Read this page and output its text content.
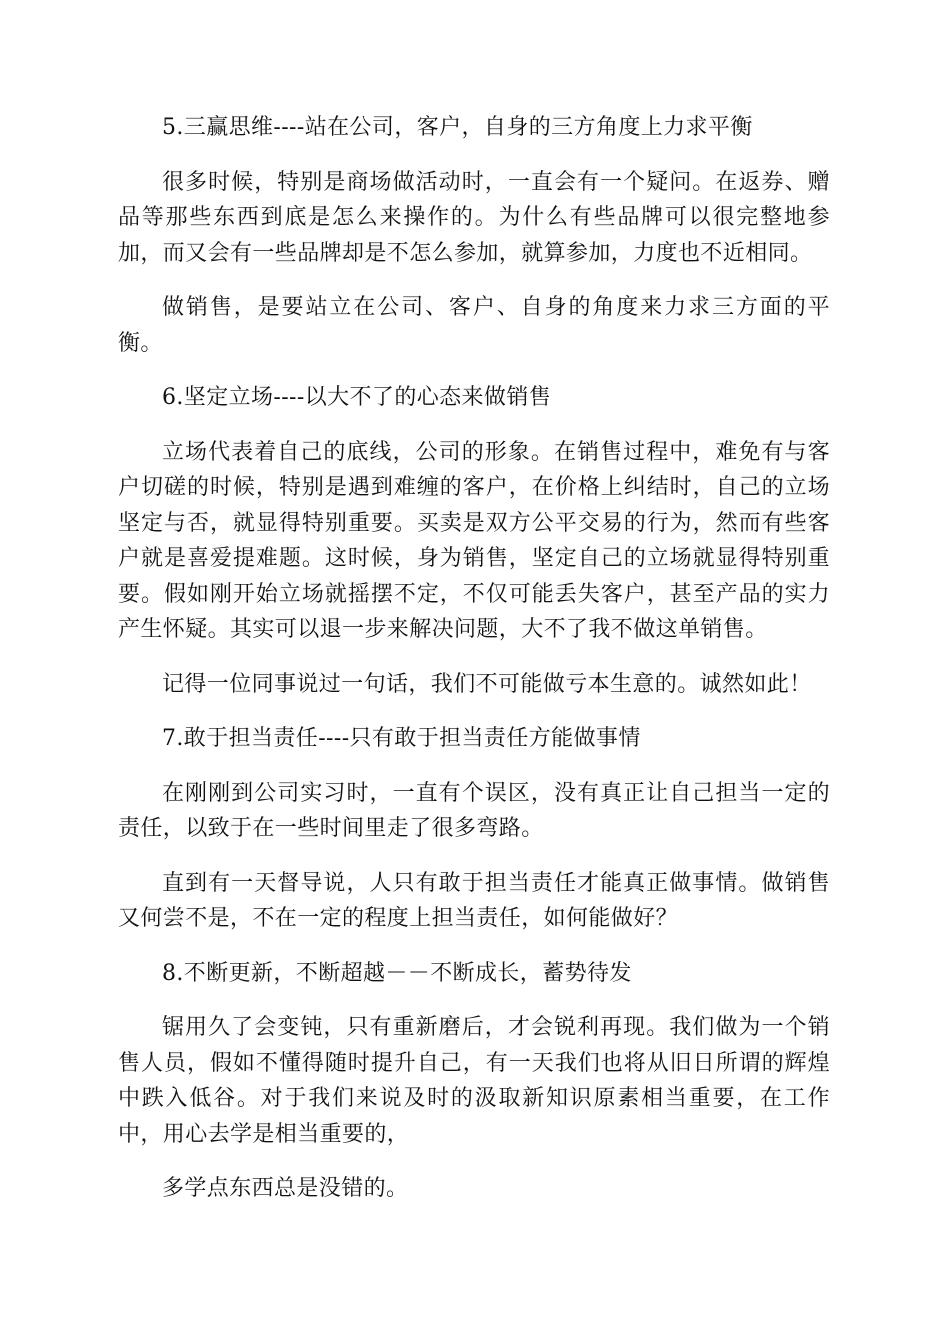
5.三赢思维----站在公司，客户，自身的三方角度上力求平衡

很多时候，特别是商场做活动时，一直会有一个疑问。在返券、赠品等那些东西到底是怎么来操作的。为什么有些品牌可以很完整地参加，而又会有一些品牌却是不怎么参加，就算参加，力度也不近相同。

做销售，是要站立在公司、客户、自身的角度来力求三方面的平衡。

6.坚定立场----以大不了的心态来做销售

立场代表着自己的底线，公司的形象。在销售过程中，难免有与客户切磋的时候，特别是遇到难缠的客户，在价格上纠结时，自己的立场坚定与否，就显得特别重要。买卖是双方公平交易的行为，然而有些客户就是喜爱提难题。这时候，身为销售，坚定自己的立场就显得特别重要。假如刚开始立场就摇摆不定，不仅可能丢失客户，甚至产品的实力产生怀疑。其实可以退一步来解决问题，大不了我不做这单销售。

记得一位同事说过一句话，我们不可能做亏本生意的。诚然如此！

7.敢于担当责任----只有敢于担当责任方能做事情

在刚刚到公司实习时，一直有个误区，没有真正让自己担当一定的责任，以致于在一些时间里走了很多弯路。

直到有一天督导说，人只有敢于担当责任才能真正做事情。做销售又何尝不是，不在一定的程度上担当责任，如何能做好？

8.不断更新，不断超越－－不断成长，蓄势待发

锯用久了会变钝，只有重新磨后，才会锐利再现。我们做为一个销售人员，假如不懂得随时提升自己，有一天我们也将从旧日所谓的辉煌中跌入低谷。对于我们来说及时的汲取新知识原素相当重要，在工作中，用心去学是相当重要的，

多学点东西总是没错的。
